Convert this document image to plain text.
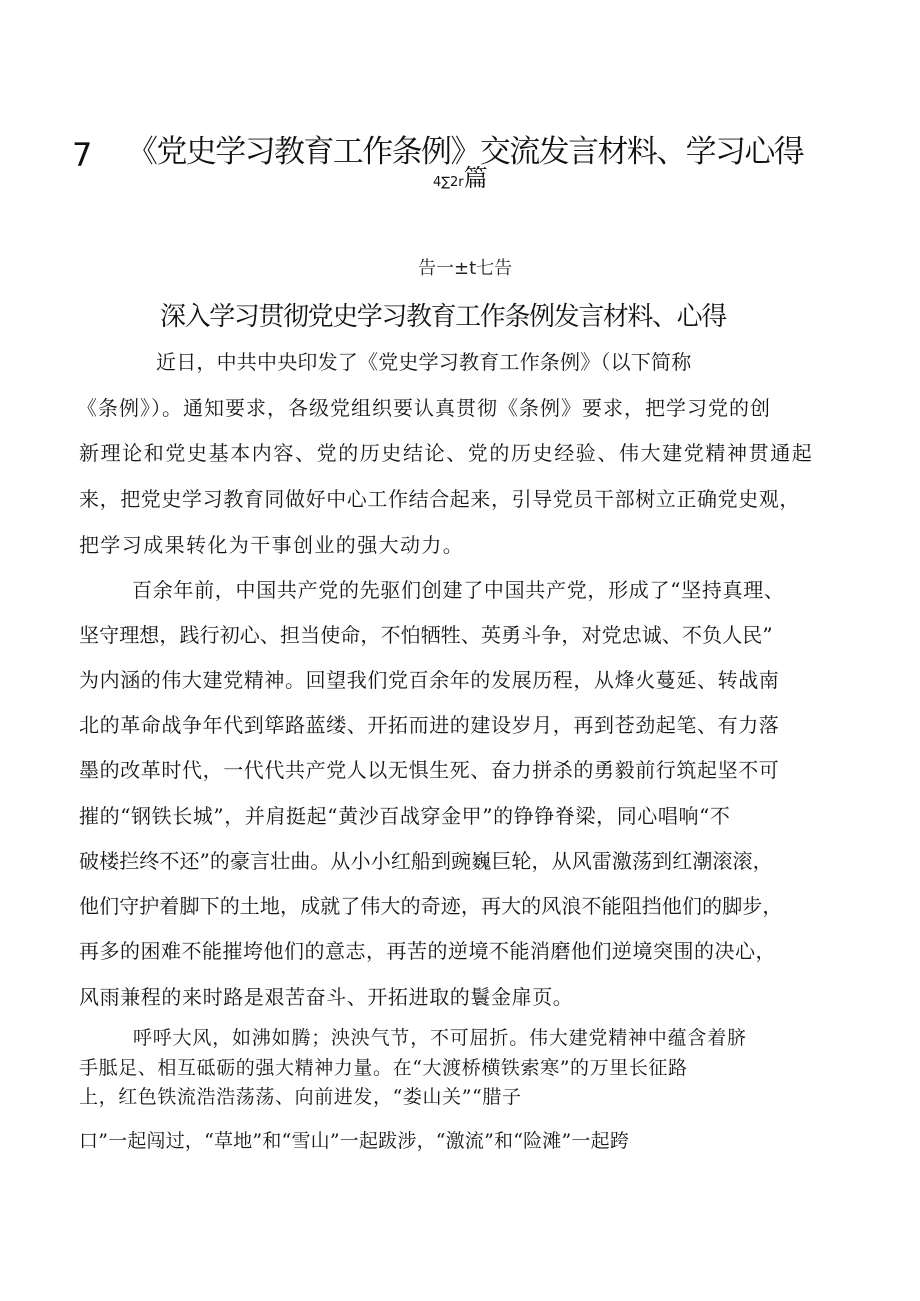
7 《党史学习教育工作条例》交流发言材料、学习心得
4∑2r篇
告一±t七告
深入学习贯彻党史学习教育工作条例发言材料、心得
近日，中共中央印发了《党史学习教育工作条例》（以下简称
《条例》）。通知要求，各级党组织要认真贯彻《条例》要求，把学习党的创
新理论和党史基本内容、党的历史结论、党的历史经验、伟大建党精神贯通起
来，把党史学习教育同做好中心工作结合起来，引导党员干部树立正确党史观，
把学习成果转化为干事创业的强大动力。
百余年前，中国共产党的先驱们创建了中国共产党，形成了“坚持真理、
坚守理想，践行初心、担当使命，不怕牺牲、英勇斗争，对党忠诚、不负人民”
为内涵的伟大建党精神。回望我们党百余年的发展历程，从烽火蔓延、转战南
北的革命战争年代到筚路蓝缕、开拓而进的建设岁月，再到苍劲起笔、有力落
墨的改革时代，一代代共产党人以无惧生死、奋力拼杀的勇毅前行筑起坚不可
摧的“钢铁长城”，并肩挺起“黄沙百战穿金甲”的铮铮脊梁，同心唱响“不
破楼拦终不还”的豪言壮曲。从小小红船到豌巍巨轮，从风雷激荡到红潮滚滚，
他们守护着脚下的土地，成就了伟大的奇迹，再大的风浪不能阻挡他们的脚步，
再多的困难不能摧垮他们的意志，再苦的逆境不能消磨他们逆境突围的决心，
风雨兼程的来时路是艰苦奋斗、开拓进取的鬟金扉页。
呼呼大风，如沸如腾；泱泱气节，不可屈折。伟大建党精神中蕴含着脐
手胝足、相互砥砺的强大精神力量。在“大渡桥横铁索寒”的万里长征路
上，红色铁流浩浩荡荡、向前进发，“娄山关”“腊子
口”一起闯过，“草地”和“雪山”一起跋涉，“激流”和“险滩”一起跨
